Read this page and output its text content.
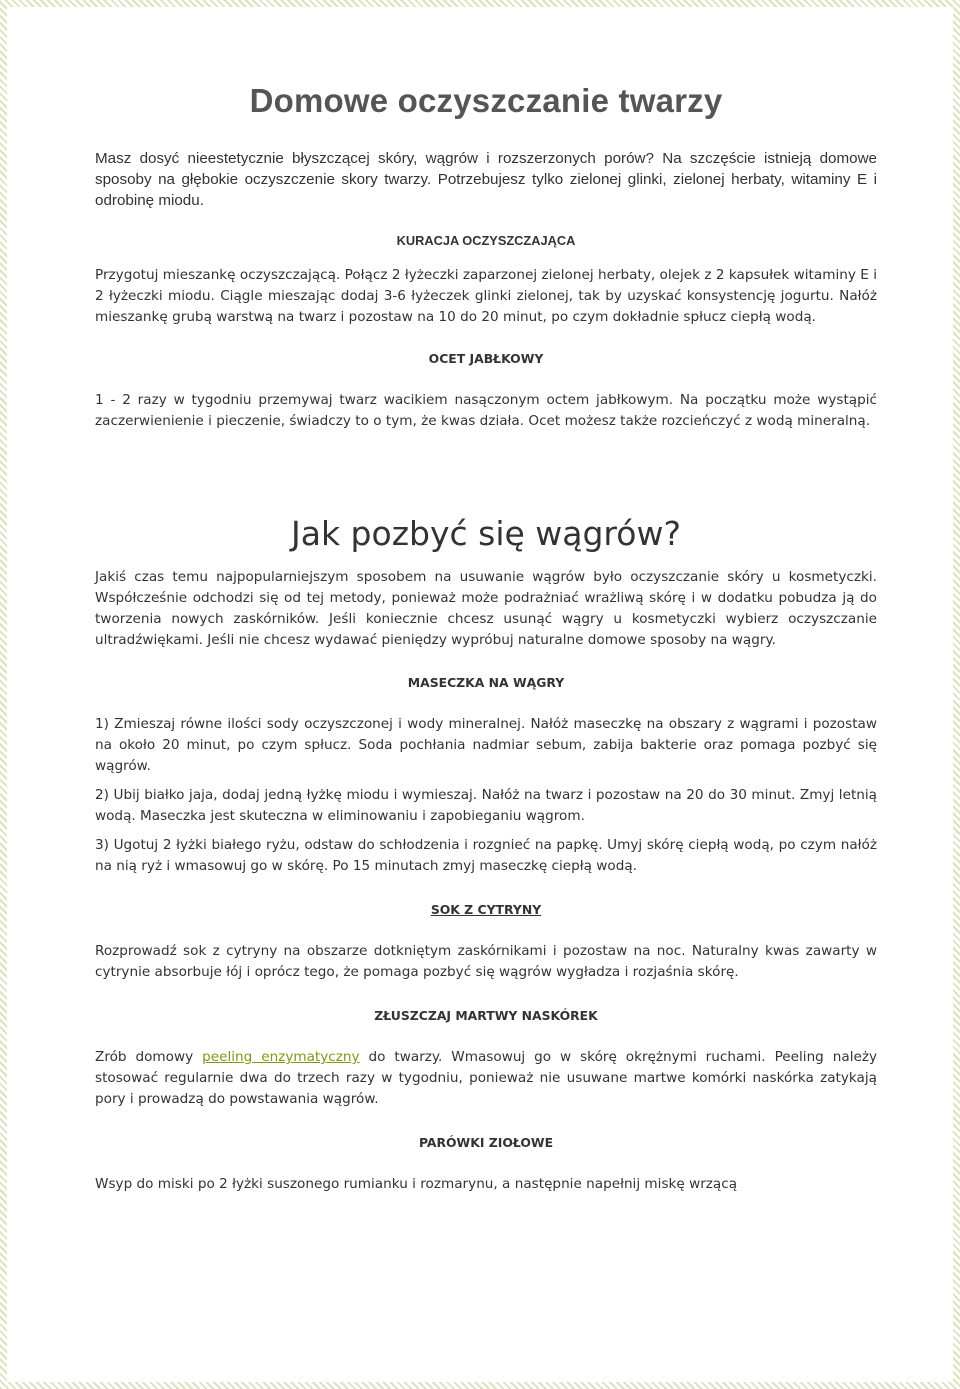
Domowe oczyszczanie twarzy

Masz dosyć nieestetycznie błyszczącej skóry, wągrów i rozszerzonych porów? Na szczęście istnieją domowe sposoby na głębokie oczyszczenie skory twarzy. Potrzebujesz tylko zielonej glinki, zielonej herbaty, witaminy E i odrobinę miodu.

KURACJA OCZYSZCZAJĄCA

Przygotuj mieszankę oczyszczającą. Połącz 2 łyżeczki zaparzonej zielonej herbaty, olejek z 2 kapsułek witaminy E i 2 łyżeczki miodu. Ciągle mieszając dodaj 3-6 łyżeczek glinki zielonej, tak by uzyskać konsystencję jogurtu. Nałóż mieszankę grubą warstwą na twarz i pozostaw na 10 do 20 minut, po czym dokładnie spłucz ciepłą wodą.

OCET JABŁKOWY

1 - 2 razy w tygodniu przemywaj twarz wacikiem nasączonym octem jabłkowym. Na początku może wystąpić zaczerwienienie i pieczenie, świadczy to o tym, że kwas działa. Ocet możesz także rozcieńczyć z wodą mineralną.

Jak pozbyć się wągrów?

Jakiś czas temu najpopularniejszym sposobem na usuwanie wągrów było oczyszczanie skóry u kosmetyczki. Współcześnie odchodzi się od tej metody, ponieważ może podrażniać wrażliwą skórę i w dodatku pobudza ją do tworzenia nowych zaskórników. Jeśli koniecznie chcesz usunąć wągry u kosmetyczki wybierz oczyszczanie ultradźwiękami. Jeśli nie chcesz wydawać pieniędzy wypróbuj naturalne domowe sposoby na wągry.

MASECZKA NA WĄGRY

1) Zmieszaj równe ilości sody oczyszczonej i wody mineralnej. Nałóż maseczkę na obszary z wągrami i pozostaw na około 20 minut, po czym spłucz. Soda pochłania nadmiar sebum, zabija bakterie oraz pomaga pozbyć się wągrów.

2) Ubij białko jaja, dodaj jedną łyżkę miodu i wymieszaj. Nałóż na twarz i pozostaw na 20 do 30 minut. Zmyj letnią wodą. Maseczka jest skuteczna w eliminowaniu i zapobieganiu wągrom.

3) Ugotuj 2 łyżki białego ryżu, odstaw do schłodzenia i rozgnieć na papkę. Umyj skórę ciepłą wodą, po czym nałóż na nią ryż i wmasowuj go w skórę. Po 15 minutach zmyj maseczkę ciepłą wodą.

SOK Z CYTRYNY

Rozprowadź sok z cytryny na obszarze dotkniętym zaskórnikami i pozostaw na noc. Naturalny kwas zawarty w cytrynie absorbuje łój i oprócz tego, że pomaga pozbyć się wągrów wygładza i rozjaśnia skórę.

ZŁUSZCZAJ MARTWY NASKÓREK

Zrób domowy peeling enzymatyczny do twarzy. Wmasowuj go w skórę okrężnymi ruchami. Peeling należy stosować regularnie dwa do trzech razy w tygodniu, ponieważ nie usuwane martwe komórki naskórka zatykają pory i prowadzą do powstawania wągrów.

PARÓWKI ZIOŁOWE

Wsyp do miski po 2 łyżki suszonego rumianku i rozmarynu, a następnie napełnij miskę wrzącą
